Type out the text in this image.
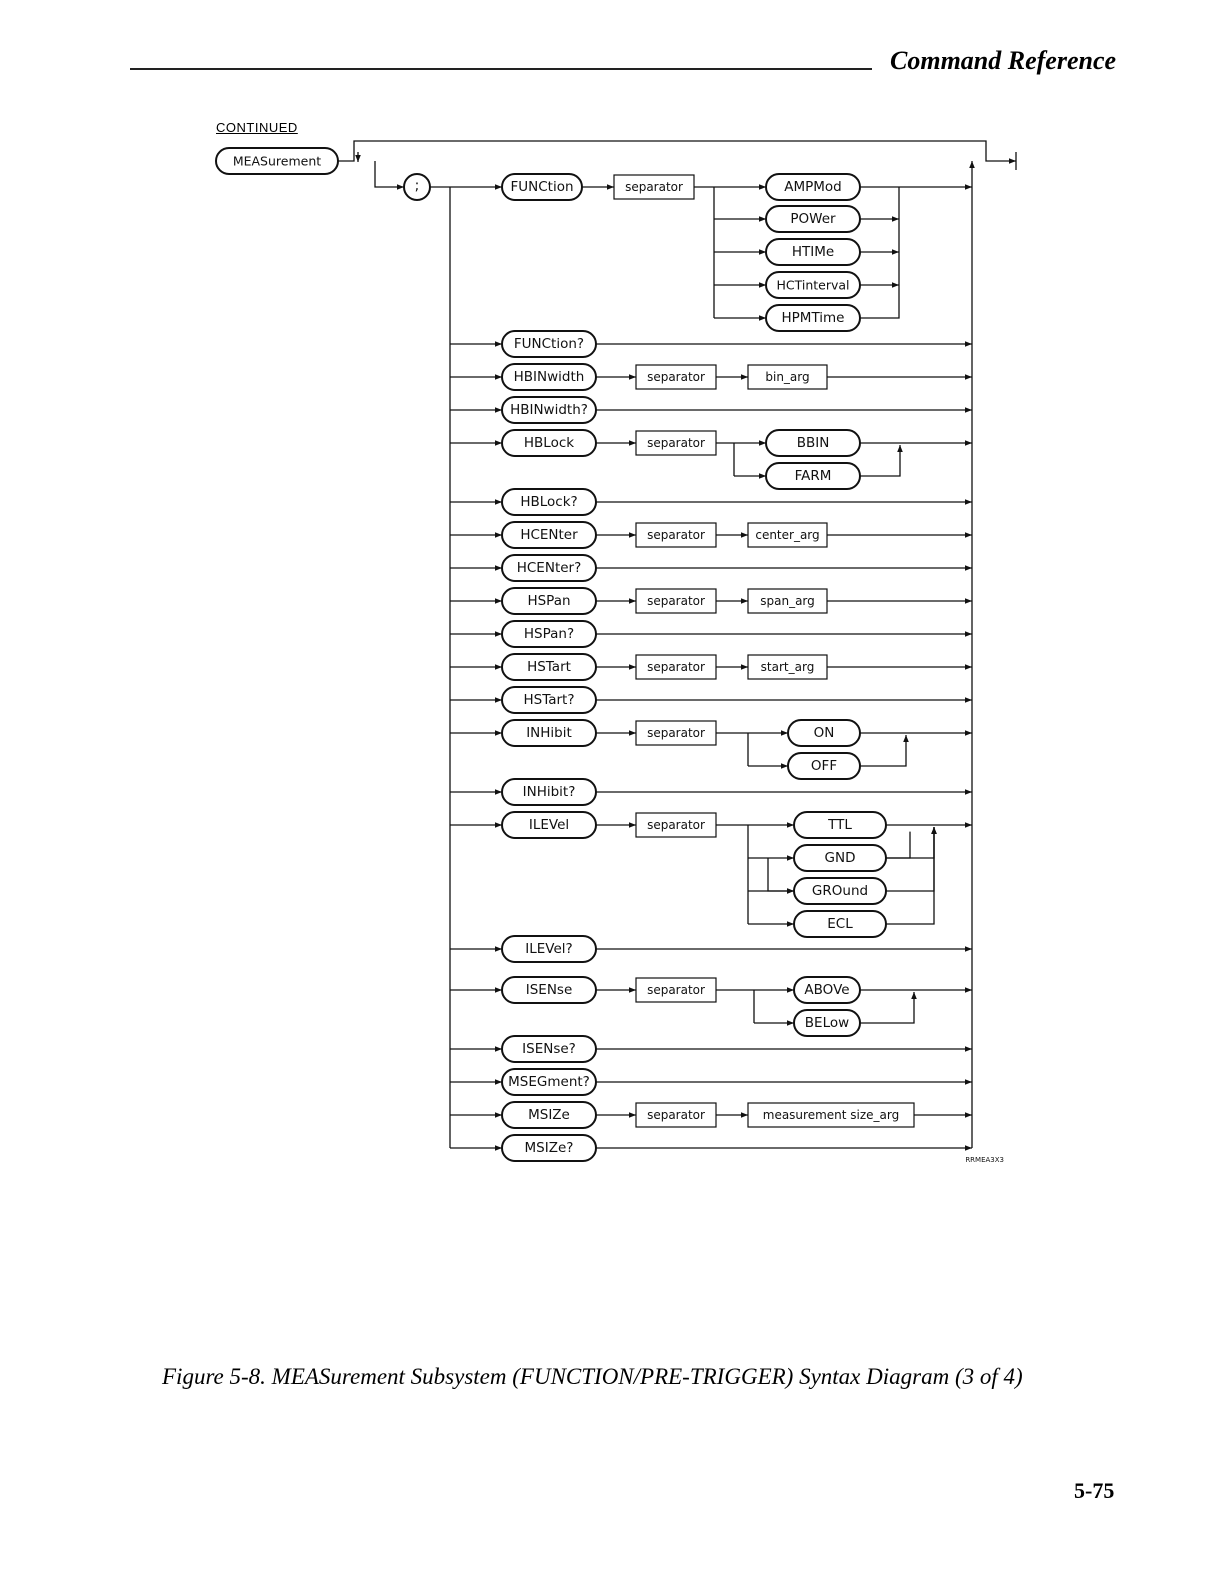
Command Reference
CONTINUED
MEASurement
;	FUNCtion	separator	AMPMod
POWer
HTIMe
HCTinterval
HPMTime
FUNCtion?
HBINwidth	separator	bin_arg
HBINwidth?
HBLock	separator	BBIN
FARM
HBLock?
HCENter	separator	center_arg
HCENter?
HSPan	separator	span_arg
HSPan?
HSTart	separator	start_arg
HSTart?
INHibit	separator	ON
OFF
INHibit?
ILEVel	separator	TTL
GND
GROund
ECL
ILEVel?
ISENse	separator	ABOVe
BELow
ISENse?
MSEGment?
MSIZe	separator	measurement size_arg
MSIZe?
RRMEA3X3
Figure 5-8. MEASurement Subsystem (FUNCTION/PRE-TRIGGER) Syntax Diagram (3 of 4)
5-75
